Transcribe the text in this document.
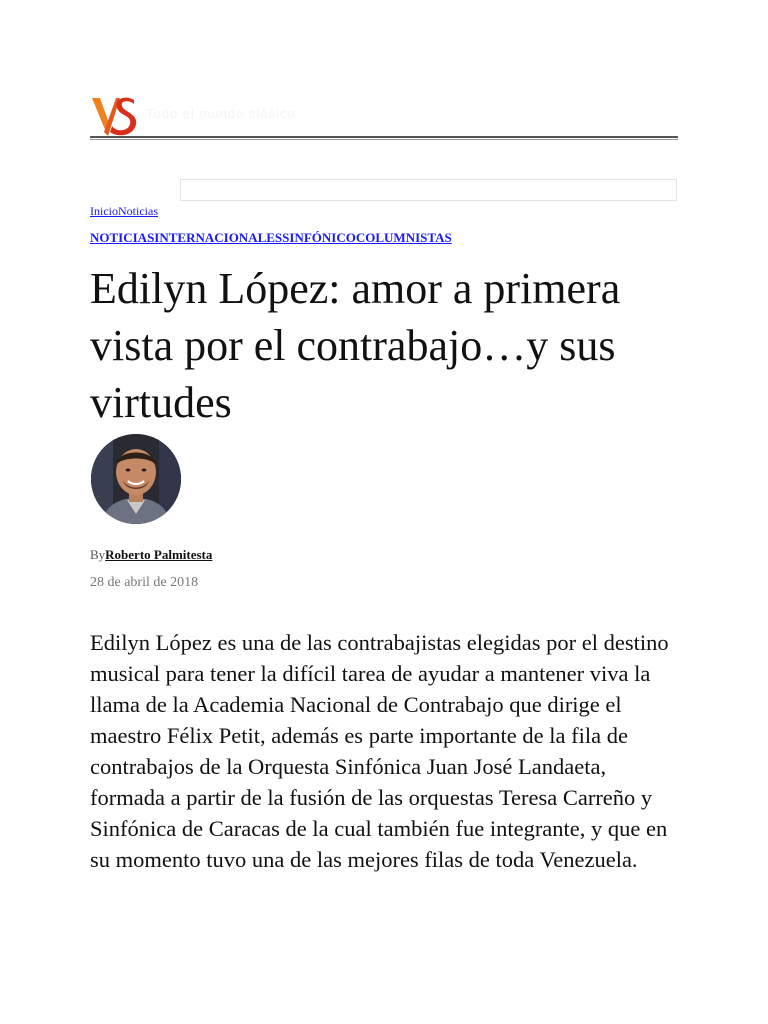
Todo el mundo clásico
InicioNoticias
NOTICIASINTERNACIONALESSINFÓNICOCOLUMNISTAS
Edilyn López: amor a primera vista por el contrabajo…y sus virtudes
ByRoberto Palmitesta
28 de abril de 2018

Edilyn López es una de las contrabajistas elegidas por el destino musical para tener la difícil tarea de ayudar a mantener viva la llama de la Academia Nacional de Contrabajo que dirige el maestro Félix Petit, además es parte importante de la fila de contrabajos de la Orquesta Sinfónica Juan José Landaeta, formada a partir de la fusión de las orquestas Teresa Carreño y Sinfónica de Caracas de la cual también fue integrante, y que en su momento tuvo una de las mejores filas de toda Venezuela.
